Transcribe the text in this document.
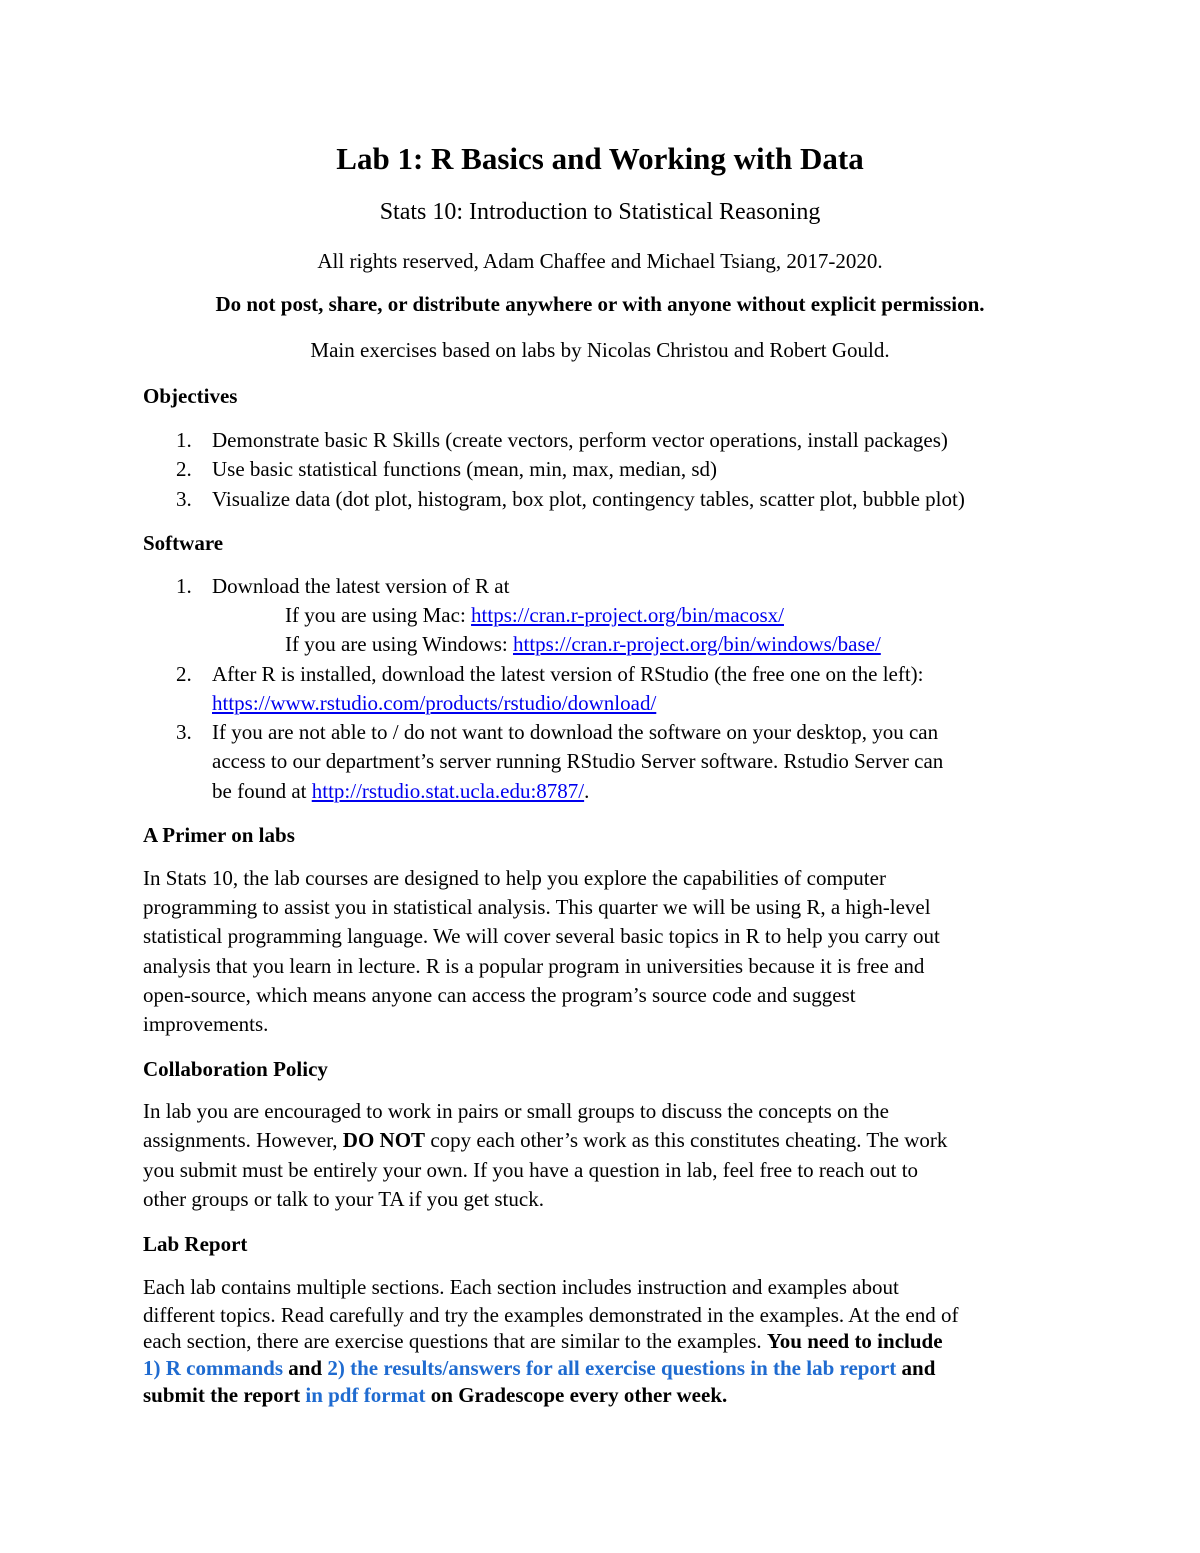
Lab 1: R Basics and Working with Data

Stats 10: Introduction to Statistical Reasoning

All rights reserved, Adam Chaffee and Michael Tsiang, 2017-2020.

Do not post, share, or distribute anywhere or with anyone without explicit permission.

Main exercises based on labs by Nicolas Christou and Robert Gould.

Objectives
1. Demonstrate basic R Skills (create vectors, perform vector operations, install packages)
2. Use basic statistical functions (mean, min, max, median, sd)
3. Visualize data (dot plot, histogram, box plot, contingency tables, scatter plot, bubble plot)
Software
1. Download the latest version of R at
If you are using Mac: https://cran.r-project.org/bin/macosx/
If you are using Windows: https://cran.r-project.org/bin/windows/base/
2. After R is installed, download the latest version of RStudio (the free one on the left):
https://www.rstudio.com/products/rstudio/download/
3. If you are not able to / do not want to download the software on your desktop, you can
access to our department’s server running RStudio Server software. Rstudio Server can
be found at http://rstudio.stat.ucla.edu:8787/.
A Primer on labs
In Stats 10, the lab courses are designed to help you explore the capabilities of computer
programming to assist you in statistical analysis. This quarter we will be using R, a high-level
statistical programming language. We will cover several basic topics in R to help you carry out
analysis that you learn in lecture. R is a popular program in universities because it is free and
open-source, which means anyone can access the program’s source code and suggest
improvements.
Collaboration Policy
In lab you are encouraged to work in pairs or small groups to discuss the concepts on the
assignments. However, DO NOT copy each other’s work as this constitutes cheating. The work
you submit must be entirely your own. If you have a question in lab, feel free to reach out to
other groups or talk to your TA if you get stuck.
Lab Report
Each lab contains multiple sections. Each section includes instruction and examples about
different topics. Read carefully and try the examples demonstrated in the examples. At the end of
each section, there are exercise questions that are similar to the examples. You need to include
1) R commands and 2) the results/answers for all exercise questions in the lab report and
submit the report in pdf format on Gradescope every other week.
